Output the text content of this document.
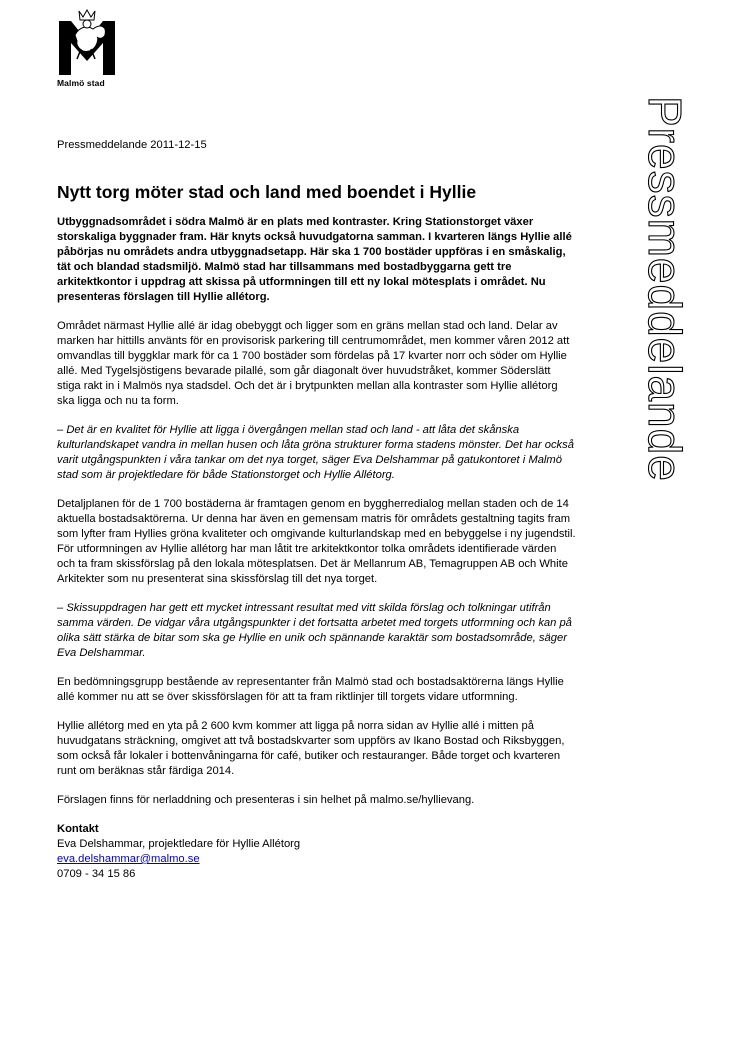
Malmö stad
Pressmeddelande

Pressmeddelande 2011-12-15

Nytt torg möter stad och land med boendet i Hyllie

Utbyggnadsområdet i södra Malmö är en plats med kontraster. Kring Stationstorget växer storskaliga byggnader fram. Här knyts också huvudgatorna samman. I kvarteren längs Hyllie allé påbörjas nu områdets andra utbyggnadsetapp. Här ska 1 700 bostäder uppföras i en småskalig, tät och blandad stadsmiljö. Malmö stad har tillsammans med bostadbyggarna gett tre arkitektkontor i uppdrag att skissa på utformningen till ett ny lokal mötesplats i området. Nu presenteras förslagen till Hyllie allétorg.

Området närmast Hyllie allé är idag obebyggt och ligger som en gräns mellan stad och land. Delar av marken har hittills använts för en provisorisk parkering till centrumområdet, men kommer våren 2012 att omvandlas till byggklar mark för ca 1 700 bostäder som fördelas på 17 kvarter norr och söder om Hyllie allé. Med Tygelsjöstigens bevarade pilallé, som går diagonalt över huvudstråket, kommer Söderslätt stiga rakt in i Malmös nya stadsdel. Och det är i brytpunkten mellan alla kontraster som Hyllie allétorg ska ligga och nu ta form.

– Det är en kvalitet för Hyllie att ligga i övergången mellan stad och land - att låta det skånska kulturlandskapet vandra in mellan husen och låta gröna strukturer forma stadens mönster. Det har också varit utgångspunkten i våra tankar om det nya torget, säger Eva Delshammar på gatukontoret i Malmö stad som är projektledare för både Stationstorget och Hyllie Allétorg.

Detaljplanen för de 1 700 bostäderna är framtagen genom en byggherredialog mellan staden och de 14 aktuella bostadsaktörerna. Ur denna har även en gemensam matris för områdets gestaltning tagits fram som lyfter fram Hyllies gröna kvaliteter och omgivande kulturlandskap med en bebyggelse i ny jugendstil. För utformningen av Hyllie allétorg har man låtit tre arkitektkontor tolka områdets identifierade värden och ta fram skissförslag på den lokala mötesplatsen. Det är Mellanrum AB, Temagruppen AB och White Arkitekter som nu presenterat sina skissförslag till det nya torget.

– Skissuppdragen har gett ett mycket intressant resultat med vitt skilda förslag och tolkningar utifrån samma värden. De vidgar våra utgångspunkter i det fortsatta arbetet med torgets utformning och kan på olika sätt stärka de bitar som ska ge Hyllie en unik och spännande karaktär som bostadsområde, säger Eva Delshammar.

En bedömningsgrupp bestående av representanter från Malmö stad och bostadsaktörerna längs Hyllie allé kommer nu att se över skissförslagen för att ta fram riktlinjer till torgets vidare utformning.

Hyllie allétorg med en yta på 2 600 kvm kommer att ligga på norra sidan av Hyllie allé i mitten på huvudgatans sträckning, omgivet att två bostadskvarter som uppförs av Ikano Bostad och Riksbyggen, som också får lokaler i bottenvåningarna för café, butiker och restauranger. Både torget och kvarteren runt om beräknas står färdiga 2014.

Förslagen finns för nerladdning och presenteras i sin helhet på malmo.se/hyllievang.

Kontakt

Eva Delshammar, projektledare för Hyllie Allétorg

eva.delshammar@malmo.se

0709 - 34 15 86
